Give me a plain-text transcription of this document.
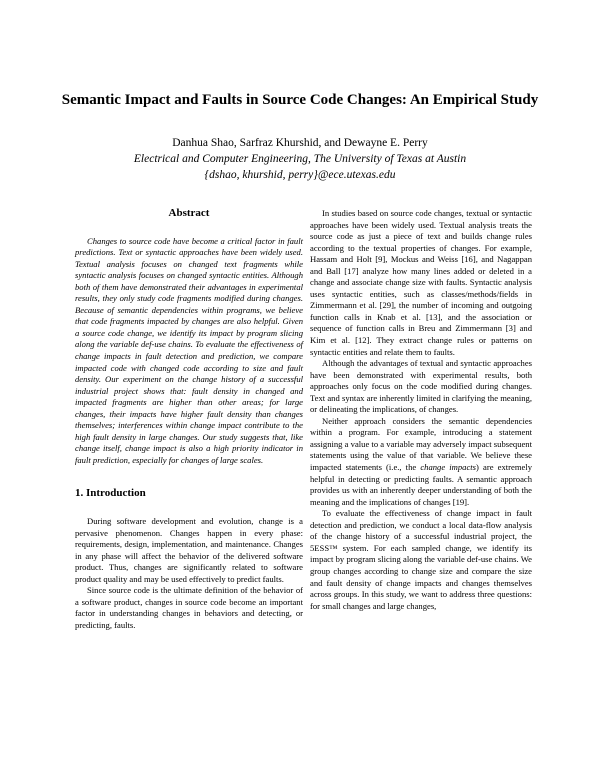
Semantic Impact and Faults in Source Code Changes: An Empirical Study
Danhua Shao, Sarfraz Khurshid, and Dewayne E. Perry
Electrical and Computer Engineering, The University of Texas at Austin
{dshao, khurshid, perry}@ece.utexas.edu
Abstract

Changes to source code have become a critical factor in fault predictions. Text or syntactic approaches have been widely used. Textual analysis focuses on changed text fragments while syntactic analysis focuses on changed syntactic entities. Although both of them have demonstrated their advantages in experimental results, they only study code fragments modified during changes. Because of semantic dependencies within programs, we believe that code fragments impacted by changes are also helpful. Given a source code change, we identify its impact by program slicing along the variable def-use chains. To evaluate the effectiveness of change impacts in fault detection and prediction, we compare impacted code with changed code according to size and fault density. Our experiment on the change history of a successful industrial project shows that: fault density in changed and impacted fragments are higher than other areas; for large changes, their impacts have higher fault density than changes themselves; interferences within change impact contribute to the high fault density in large changes. Our study suggests that, like change itself, change impact is also a high priority indicator in fault prediction, especially for changes of large scales.

1. Introduction

During software development and evolution, change is a pervasive phenomenon. Changes happen in every phase: requirements, design, implementation, and maintenance. Changes in any phase will affect the behavior of the delivered software product. Thus, changes are significantly related to software product quality and may be used effectively to predict faults.

Since source code is the ultimate definition of the behavior of a software product, changes in source code become an important factor in understanding changes in behaviors and detecting, or predicting, faults.

In studies based on source code changes, textual or syntactic approaches have been widely used. Textual analysis treats the source code as just a piece of text and builds change rules according to the textual properties of changes. For example, Hassam and Holt [9], Mockus and Weiss [16], and Nagappan and Ball [17] analyze how many lines added or deleted in a change and associate change size with faults. Syntactic analysis uses syntactic entities, such as classes/methods/fields in Zimmermann et al. [29], the number of incoming and outgoing function calls in Knab et al. [13], and the association or sequence of function calls in Breu and Zimmermann [3] and Kim et al. [12]. They extract change rules or patterns on syntactic entities and relate them to faults.

Although the advantages of textual and syntactic approaches have been demonstrated with experimental results, both approaches only focus on the code modified during changes. Text and syntax are inherently limited in clarifying the meaning, or delineating the implications, of changes.

Neither approach considers the semantic dependencies within a program. For example, introducing a statement assigning a value to a variable may adversely impact subsequent statements using the value of that variable. We believe these impacted statements (i.e., the change impacts) are extremely helpful in detecting or predicting faults. A semantic approach provides us with an inherently deeper understanding of both the meaning and the implications of changes [19].

To evaluate the effectiveness of change impact in fault detection and prediction, we conduct a local data-flow analysis of the change history of a successful industrial project, the 5ESS™ system. For each sampled change, we identify its impact by program slicing along the variable def-use chains. We group changes according to change size and compare the size and fault density of change impacts and changes themselves across groups. In this study, we want to address three questions: for small changes and large changes,
